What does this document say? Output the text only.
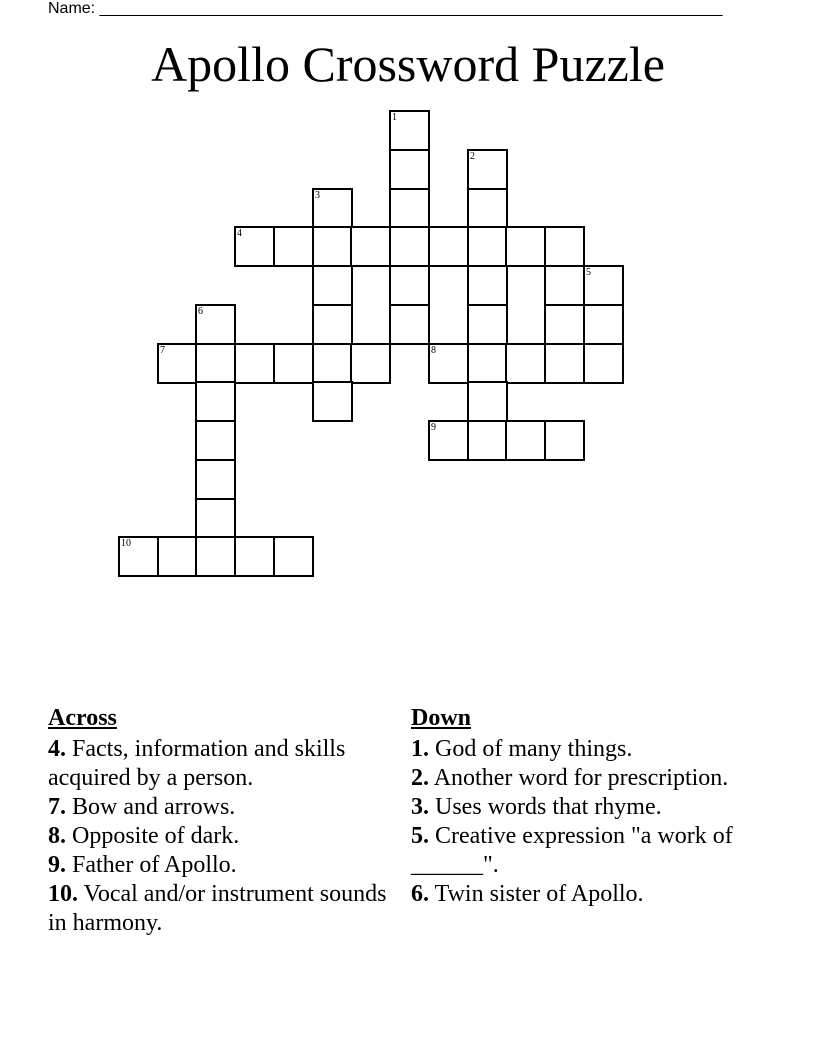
Name: ______________________________________________________________________
Apollo Crossword Puzzle
1
2
3
4
5
6
7	8
9
10
Across
4. Facts, information and skills acquired by a person.
7. Bow and arrows.
8. Opposite of dark.
9. Father of Apollo.
10. Vocal and/or instrument sounds in harmony.
Down
1. God of many things.
2. Another word for prescription.
3. Uses words that rhyme.
5. Creative expression "a work of ______".
6. Twin sister of Apollo.
